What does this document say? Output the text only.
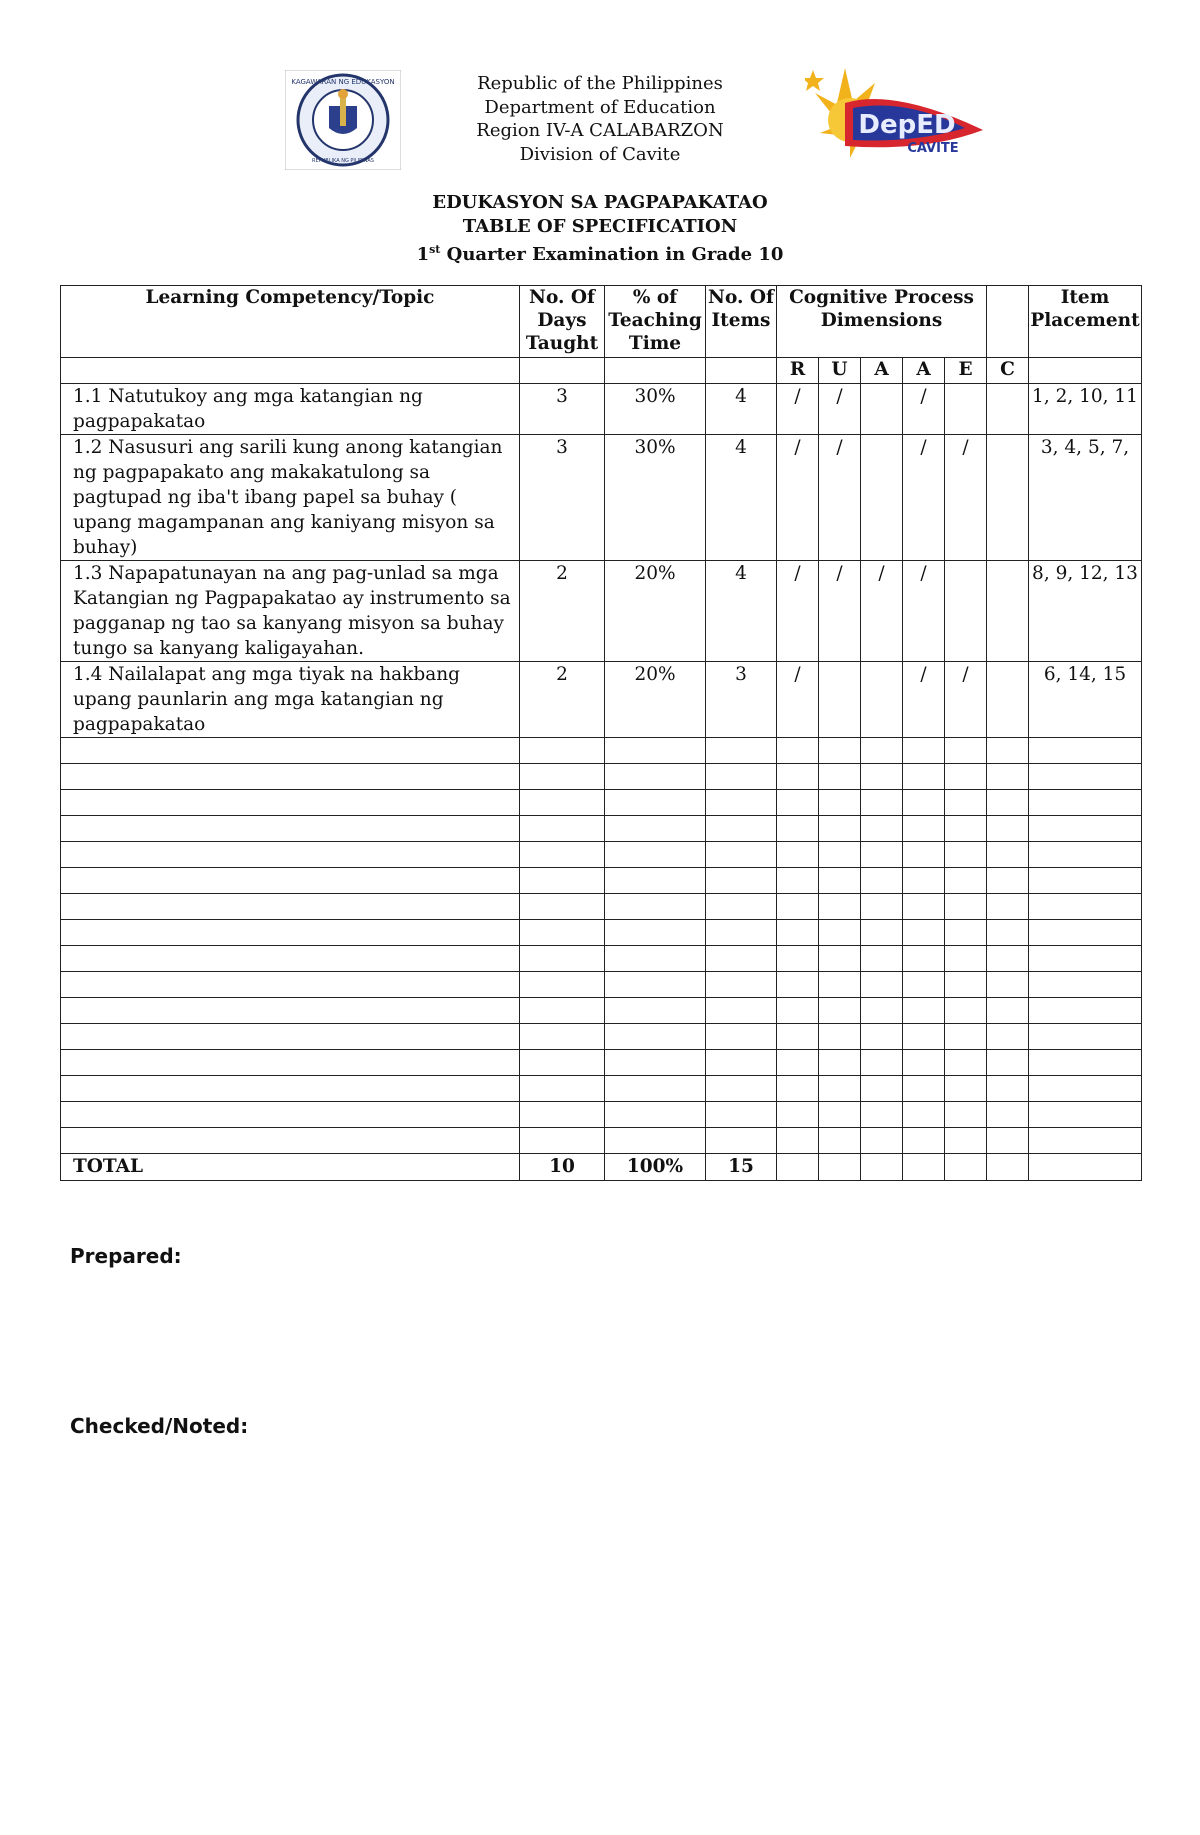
KAGAWARAN NG EDUKASYON
REPUBLIKA NG PILIPINAS
DepED
CAVITE
Republic of the Philippines
Department of Education
Region IV-A CALABARZON
Division of Cavite
EDUKASYON SA PAGPAPAKATAO
TABLE OF SPECIFICATION
1st Quarter Examination in Grade 10
Learning Competency/Topic	No. Of Days Taught	% of Teaching Time	No. Of Items	Cognitive Process Dimensions						Item Placement
				R	U	A	A	E	C	
1.1 Natutukoy ang mga katangian ng pagpapakatao	3	30%	4	/	/		/			1, 2, 10, 11
1.2 Nasusuri ang sarili kung anong katangian ng pagpapakato ang makakatulong sa pagtupad ng iba't ibang papel sa buhay ( upang magampanan ang kaniyang misyon sa buhay)	3	30%	4	/	/		/	/		3, 4, 5, 7,
1.3 Napapatunayan na ang pag-unlad sa mga Katangian ng Pagpapakatao ay instrumento sa pagganap ng tao sa kanyang misyon sa buhay tungo sa kanyang kaligayahan.	2	20%	4	/	/	/	/			8, 9, 12, 13
1.4 Nailalapat ang mga tiyak na hakbang upang paunlarin ang mga katangian ng pagpapakatao	2	20%	3	/			/	/		6, 14, 15

TOTAL	10	100%	15							
Prepared:
Checked/Noted:
